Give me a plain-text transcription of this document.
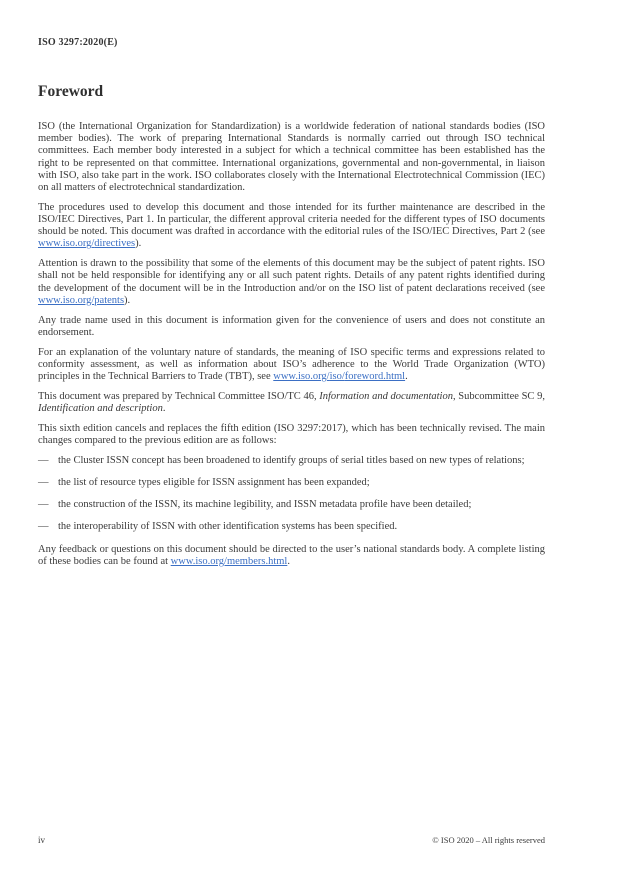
ISO 3297:2020(E)

Foreword

ISO (the International Organization for Standardization) is a worldwide federation of national standards bodies (ISO member bodies). The work of preparing International Standards is normally carried out through ISO technical committees. Each member body interested in a subject for which a technical committee has been established has the right to be represented on that committee. International organizations, governmental and non-governmental, in liaison with ISO, also take part in the work. ISO collaborates closely with the International Electrotechnical Commission (IEC) on all matters of electrotechnical standardization.

The procedures used to develop this document and those intended for its further maintenance are described in the ISO/IEC Directives, Part 1. In particular, the different approval criteria needed for the different types of ISO documents should be noted. This document was drafted in accordance with the editorial rules of the ISO/IEC Directives, Part 2 (see www.iso.org/directives).

Attention is drawn to the possibility that some of the elements of this document may be the subject of patent rights. ISO shall not be held responsible for identifying any or all such patent rights. Details of any patent rights identified during the development of the document will be in the Introduction and/or on the ISO list of patent declarations received (see www.iso.org/patents).

Any trade name used in this document is information given for the convenience of users and does not constitute an endorsement.

For an explanation of the voluntary nature of standards, the meaning of ISO specific terms and expressions related to conformity assessment, as well as information about ISO’s adherence to the World Trade Organization (WTO) principles in the Technical Barriers to Trade (TBT), see www.iso.org/iso/foreword.html.

This document was prepared by Technical Committee ISO/TC 46, Information and documentation, Subcommittee SC 9, Identification and description.

This sixth edition cancels and replaces the fifth edition (ISO 3297:2017), which has been technically revised. The main changes compared to the previous edition are as follows:

— the Cluster ISSN concept has been broadened to identify groups of serial titles based on new types of relations;
— the list of resource types eligible for ISSN assignment has been expanded;
— the construction of the ISSN, its machine legibility, and ISSN metadata profile have been detailed;
— the interoperability of ISSN with other identification systems has been specified.

Any feedback or questions on this document should be directed to the user’s national standards body. A complete listing of these bodies can be found at www.iso.org/members.html.

iv	© ISO 2020 – All rights reserved
